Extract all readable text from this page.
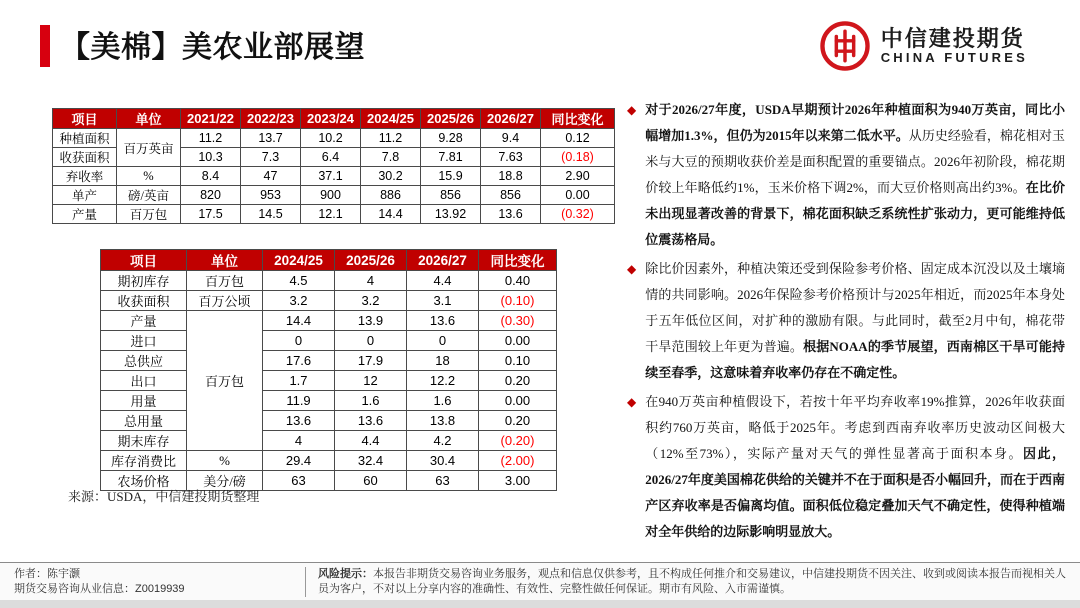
【美棉】美农业部展望	中信建投期货
CHINA FUTURES
项目	单位	2021/22	2022/23	2023/24	2024/25	2025/26	2026/27	同比变化
种植面积	百万英亩	11.2	13.7	10.2	11.2	9.28	9.4	0.12
收获面积		10.3	7.3	6.4	7.8	7.81	7.63	(0.18)
弃收率	%	8.4	47	37.1	30.2	15.9	18.8	2.90
单产	磅/英亩	820	953	900	886	856	856	0.00
产量	百万包	17.5	14.5	12.1	14.4	13.92	13.6	(0.32)
项目	单位	2024/25	2025/26	2026/27	同比变化
期初库存	百万包	4.5	4	4.4	0.40
收获面积	百万公顷	3.2	3.2	3.1	(0.10)
产量	百万包	14.4	13.9	13.6	(0.30)
进口		0	0	0	0.00
总供应		17.6	17.9	18	0.10
出口		1.7	12	12.2	0.20
用量		11.9	1.6	1.6	0.00
总用量		13.6	13.6	13.8	0.20
期末库存		4	4.4	4.2	(0.20)
库存消费比	%	29.4	32.4	30.4	(2.00)
农场价格	美分/磅	63	60	63	3.00
来源：USDA，中信建投期货整理
◆ 对于2026/27年度，USDA早期预计2026年种植面积为940万英亩，同比小幅增加1.3%，但仍为2015年以来第二低水平。从历史经验看，棉花相对玉米与大豆的预期收获价差是面积配置的重要锚点。2026年初阶段，棉花期价较上年略低约1%，玉米价格下调2%，而大豆价格则高出约3%。在比价未出现显著改善的背景下，棉花面积缺乏系统性扩张动力，更可能维持低位震荡格局。

◆ 除比价因素外，种植决策还受到保险参考价格、固定成本沉没以及土壤墒情的共同影响。2026年保险参考价格预计与2025年相近，而2025年本身处于五年低位区间，对扩种的激励有限。与此同时，截至2月中旬，棉花带干旱范围较上年更为普遍。根据NOAA的季节展望，西南棉区干旱可能持续至春季，这意味着弃收率仍存在不确定性。

◆ 在940万英亩种植假设下，若按十年平均弃收率19%推算，2026年收获面积约760万英亩，略低于2025年。考虑到西南弃收率历史波动区间极大（12%至73%），实际产量对天气的弹性显著高于面积本身。因此，2026/27年度美国棉花供给的关键并不在于面积是否小幅回升，而在于西南产区弃收率是否偏离均值。面积低位稳定叠加天气不确定性，使得种植端对全年供给的边际影响明显放大。

作者：陈宇灏
期货交易咨询从业信息：Z0019939
风险提示：本报告非期货交易咨询业务服务，观点和信息仅供参考，且不构成任何推介和交易建议，中信建投期货不因关注、收到或阅读本报告而视相关人员为客户，不对以上分享内容的准确性、有效性、完整性做任何保证。期市有风险、入市需谨慎。
